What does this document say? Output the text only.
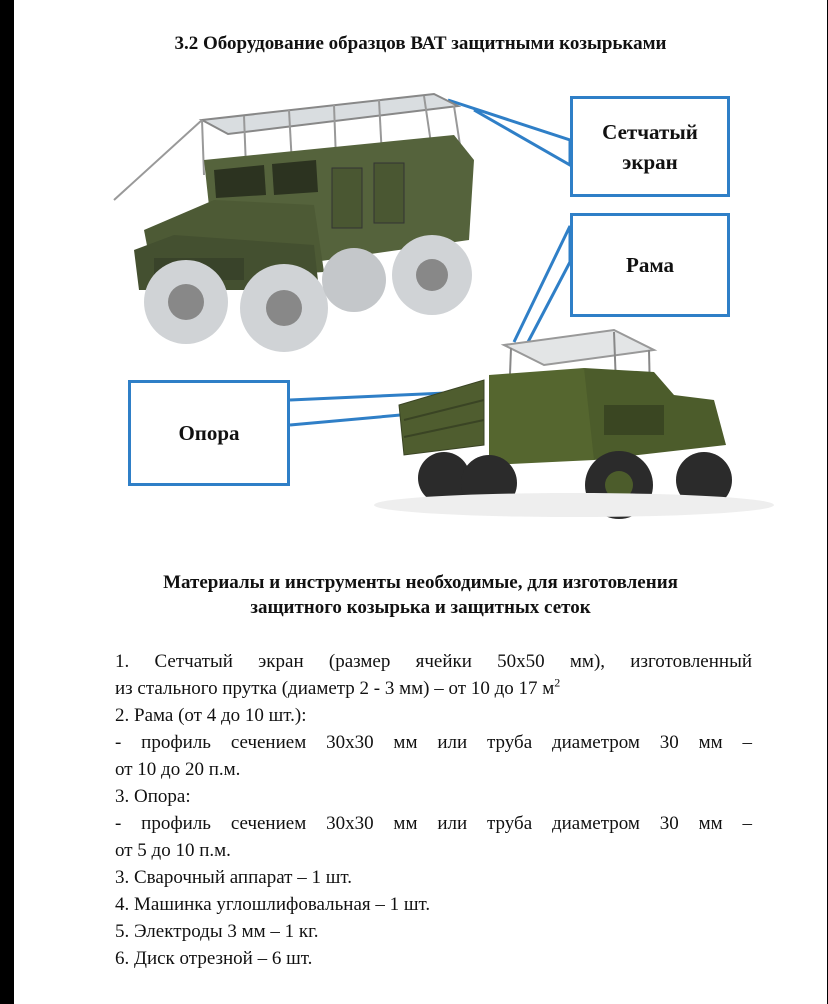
3.2 Оборудование образцов ВАТ защитными козырьками
Сетчатый
экран
Рама
Опора
Материалы и инструменты необходимые, для изготовления
защитного козырька и защитных сеток
1. Сетчатый экран (размер ячейки 50х50 мм), изготовленный
из стального прутка (диаметр 2 - 3 мм) – от 10 до 17 $м^2$
2. Рама (от 4 до 10 шт.):
- профиль сечением 30х30 мм или труба диаметром 30 мм –
от 10 до 20 п.м.
3. Опора:
- профиль сечением 30х30 мм или труба диаметром 30 мм –
от 5 до 10 п.м.
3. Сварочный аппарат – 1 шт.
4. Машинка углошлифовальная – 1 шт.
5. Электроды 3 мм – 1 кг.
6. Диск отрезной – 6 шт.
